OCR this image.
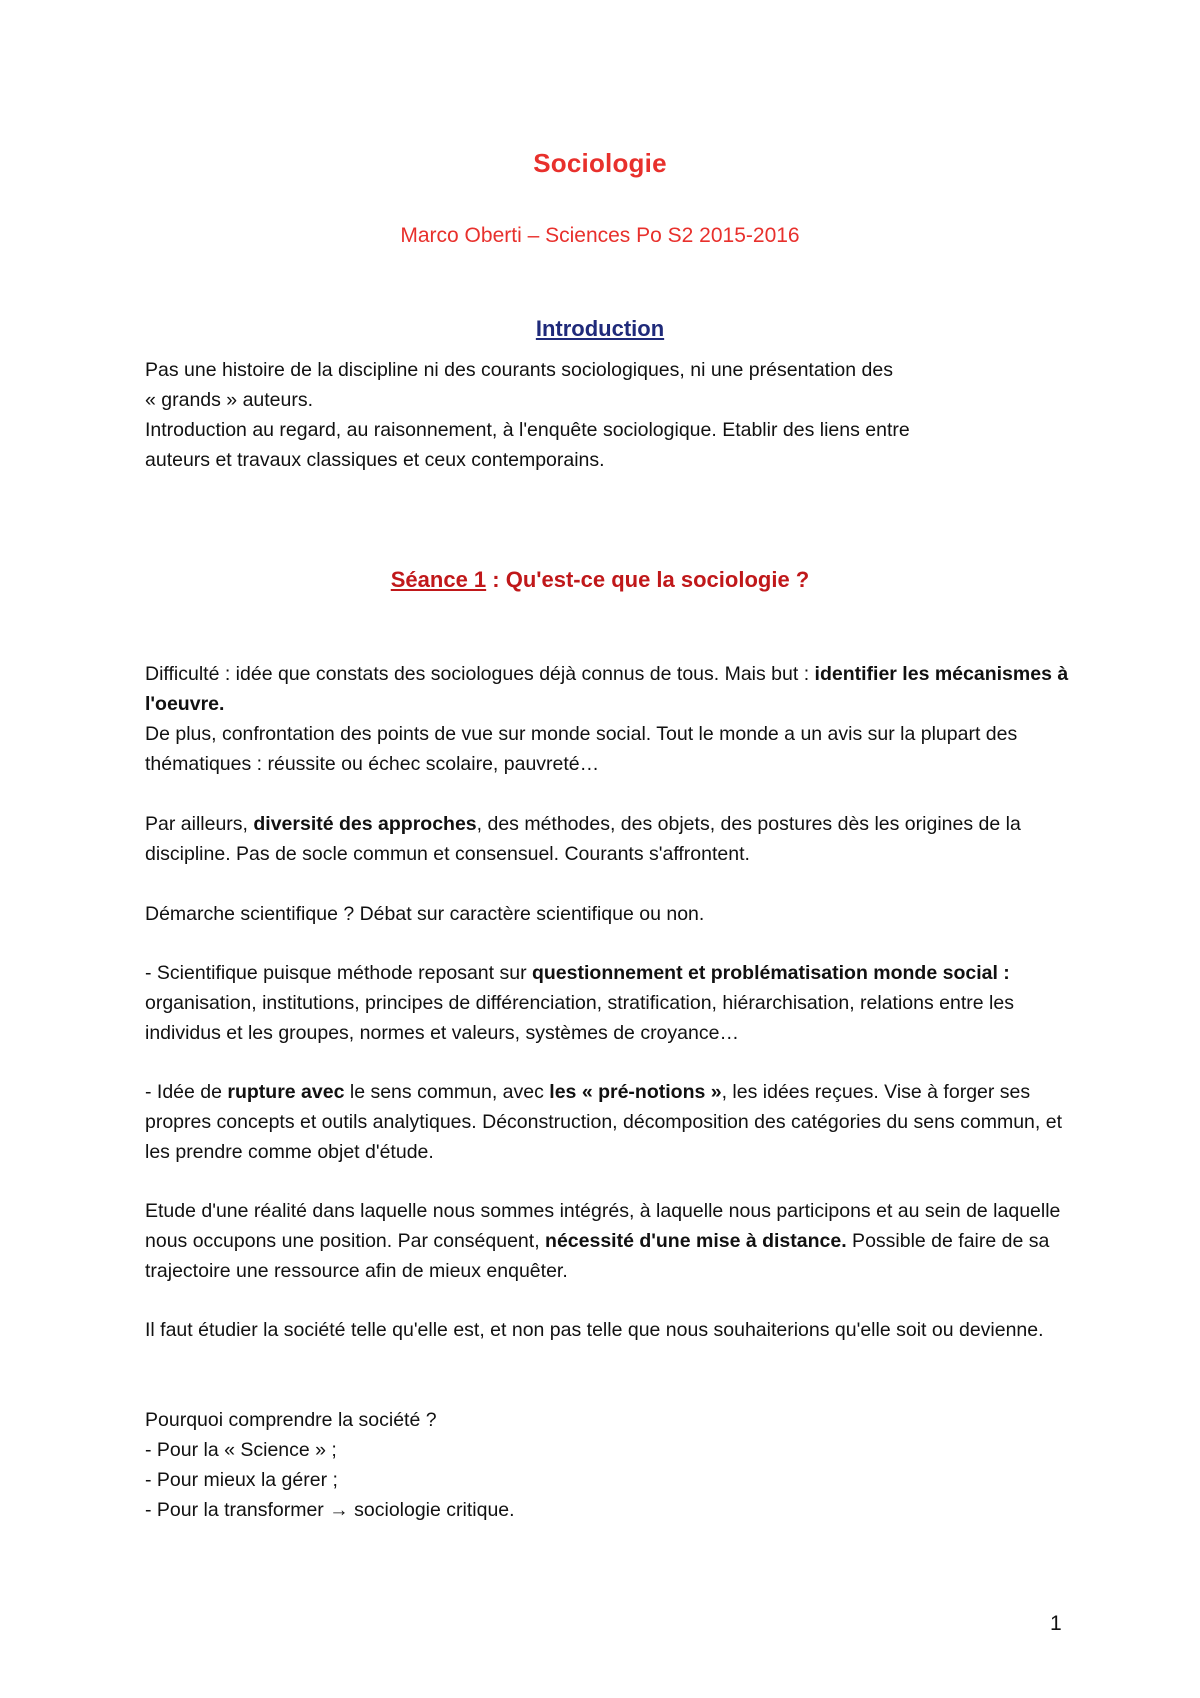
Sociologie
Marco Oberti – Sciences Po S2 2015-2016
Introduction

Pas une histoire de la discipline ni des courants sociologiques, ni une présentation des

« grands » auteurs.

Introduction au regard, au raisonnement, à l'enquête sociologique. Etablir des liens entre

auteurs et travaux classiques et ceux contemporains.

Séance 1 : Qu'est-ce que la sociologie ?

Difficulté : idée que constats des sociologues déjà connus de tous. Mais but : identifier les mécanismes à l'oeuvre.

De plus, confrontation des points de vue sur monde social. Tout le monde a un avis sur la plupart des thématiques : réussite ou échec scolaire, pauvreté…

Par ailleurs, diversité des approches, des méthodes, des objets, des postures dès les origines de la discipline. Pas de socle commun et consensuel. Courants s'affrontent.

Démarche scientifique ? Débat sur caractère scientifique ou non.

- Scientifique puisque méthode reposant sur questionnement et problématisation monde social : organisation, institutions, principes de différenciation, stratification, hiérarchisation, relations entre les individus et les groupes, normes et valeurs, systèmes de croyance…

- Idée de rupture avec le sens commun, avec les « pré-notions », les idées reçues. Vise à forger ses propres concepts et outils analytiques. Déconstruction, décomposition des catégories du sens commun, et les prendre comme objet d'étude.

Etude d'une réalité dans laquelle nous sommes intégrés, à laquelle nous participons et au sein de laquelle nous occupons une position. Par conséquent, nécessité d'une mise à distance. Possible de faire de sa trajectoire une ressource afin de mieux enquêter.

Il faut étudier la société telle qu'elle est, et non pas telle que nous souhaiterions qu'elle soit ou devienne.

Pourquoi comprendre la société ?

- Pour la « Science » ;

- Pour mieux la gérer ;

- Pour la transformer → sociologie critique.

1
